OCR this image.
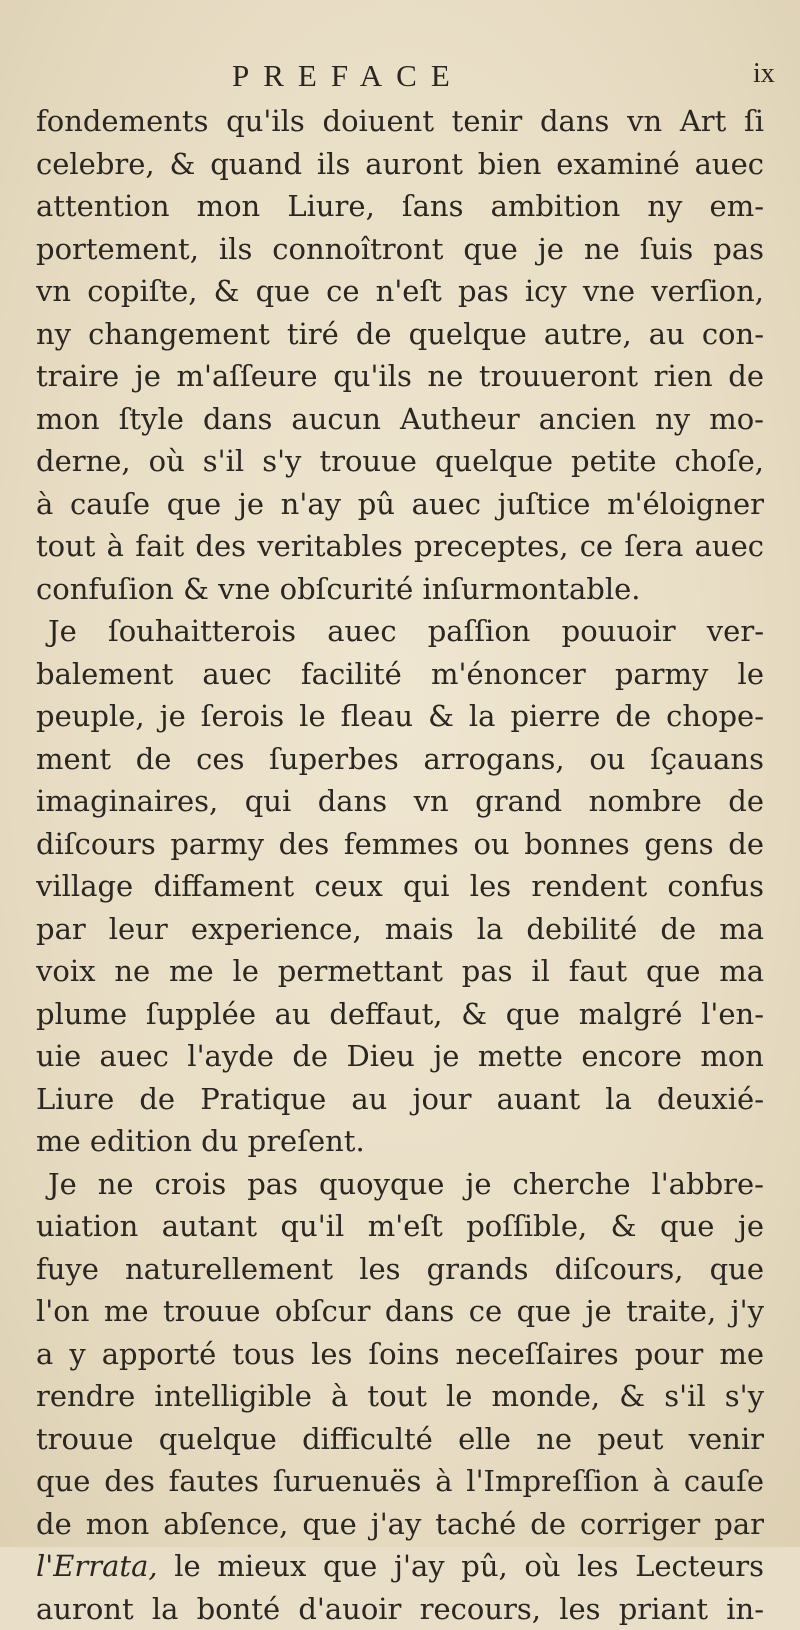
PREFACE	ix
fondements qu'ils doiuent tenir dans vn Art ſi
celebre, & quand ils auront bien examiné auec
attention mon Liure, ſans ambition ny em-
portement, ils connoîtront que je ne ſuis pas
vn copiſte, & que ce n'eſt pas icy vne verſion,
ny changement tiré de quelque autre, au con-
traire je m'aſſeure qu'ils ne trouueront rien de
mon ſtyle dans aucun Autheur ancien ny mo-
derne, où s'il s'y trouue quelque petite choſe,
à cauſe que je n'ay pû auec juſtice m'éloigner
tout à fait des veritables preceptes, ce ſera auec
confuſion & vne obſcurité inſurmontable.
Je ſouhaitterois auec paſſion pouuoir ver-
balement auec facilité m'énoncer parmy le
peuple, je ſerois le fleau & la pierre de chope-
ment de ces ſuperbes arrogans, ou ſçauans
imaginaires, qui dans vn grand nombre de
diſcours parmy des femmes ou bonnes gens de
village diffament ceux qui les rendent confus
par leur experience, mais la debilité de ma
voix ne me le permettant pas il faut que ma
plume ſupplée au deffaut, & que malgré l'en-
uie auec l'ayde de Dieu je mette encore mon
Liure de Pratique au jour auant la deuxié-
me edition du preſent.
Je ne crois pas quoyque je cherche l'abbre-
uiation autant qu'il m'eſt poſſible, & que je
fuye naturellement les grands diſcours, que
l'on me trouue obſcur dans ce que je traite, j'y
a y apporté tous les ſoins neceſſaires pour me
rendre intelligible à tout le monde, & s'il s'y
trouue quelque difficulté elle ne peut venir
que des fautes ſuruenuës à l'Impreſſion à cauſe
de mon abſence, que j'ay taché de corriger par
l'Errata, le mieux que j'ay pû, où les Lecteurs
auront la bonté d'auoir recours, les priant in-
